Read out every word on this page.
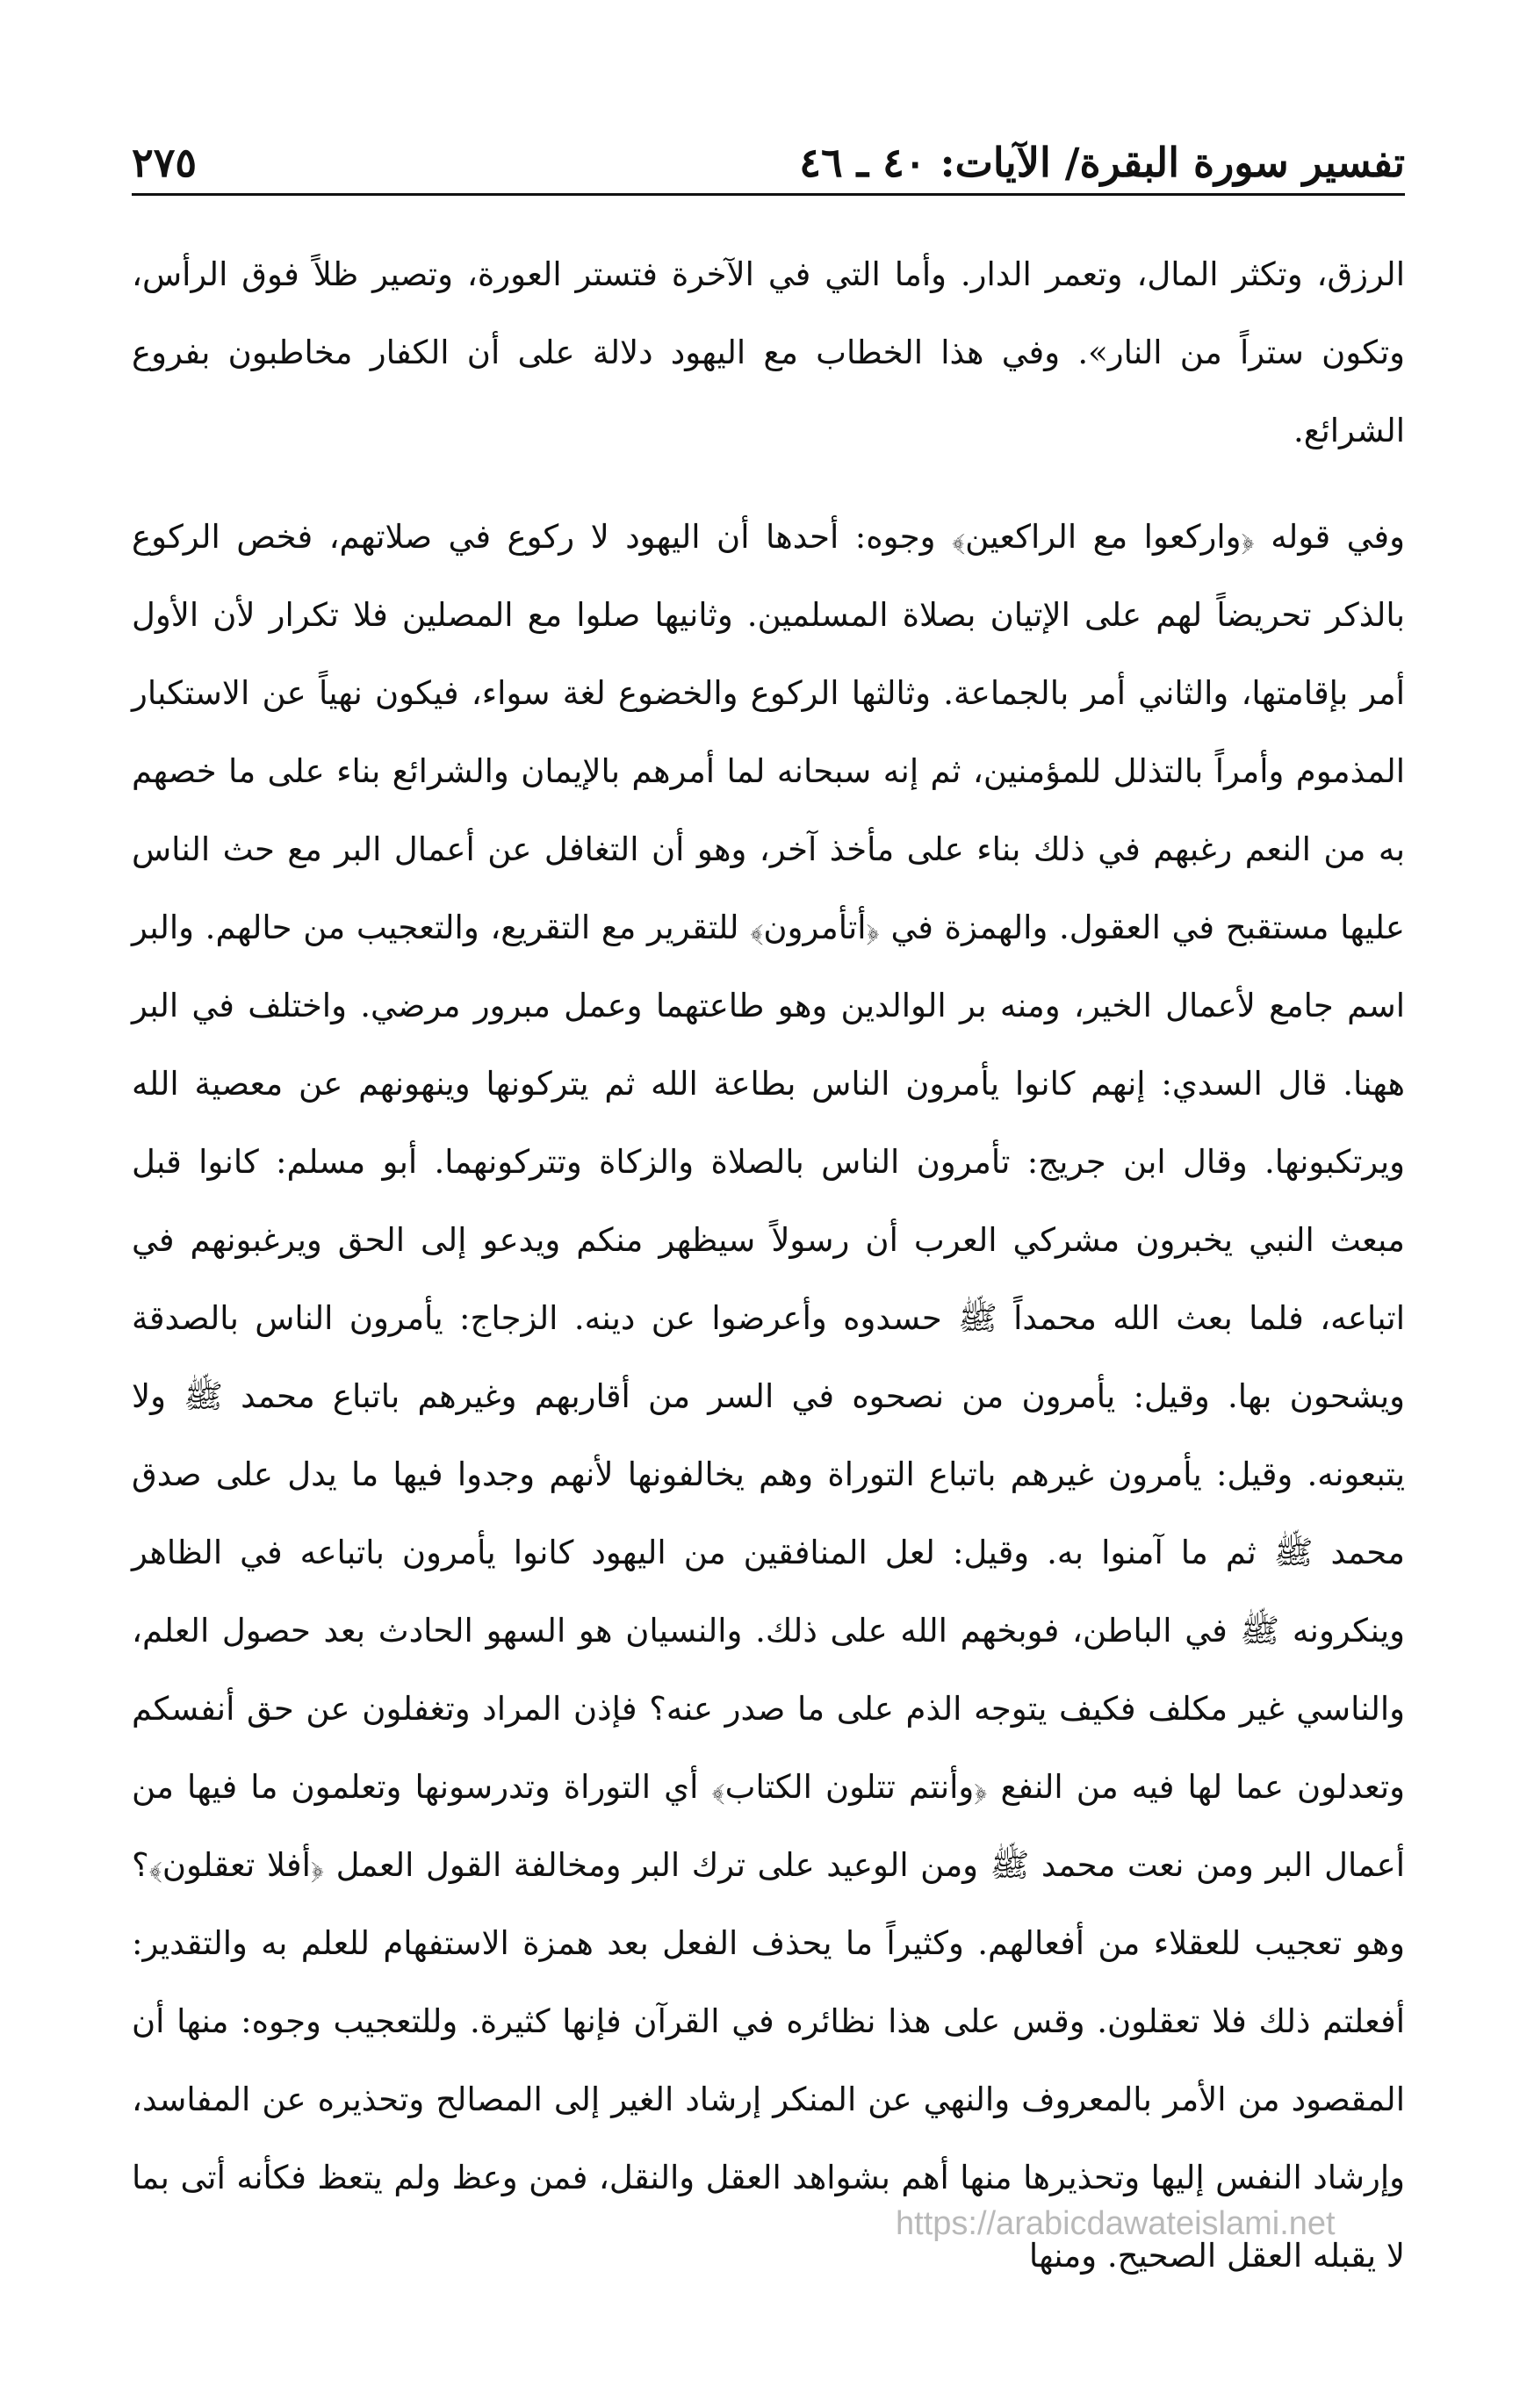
تفسير سورة البقرة/ الآيات: ٤٠ ـ ٤٦
٢٧٥

الرزق، وتكثر المال، وتعمر الدار. وأما التي في الآخرة فتستر العورة، وتصير ظلاً فوق الرأس، وتكون ستراً من النار». وفي هذا الخطاب مع اليهود دلالة على أن الكفار مخاطبون بفروع الشرائع.

وفي قوله ﴿واركعوا مع الراكعين﴾ وجوه: أحدها أن اليهود لا ركوع في صلاتهم، فخص الركوع بالذكر تحريضاً لهم على الإتيان بصلاة المسلمين. وثانيها صلوا مع المصلين فلا تكرار لأن الأول أمر بإقامتها، والثاني أمر بالجماعة. وثالثها الركوع والخضوع لغة سواء، فيكون نهياً عن الاستكبار المذموم وأمراً بالتذلل للمؤمنين، ثم إنه سبحانه لما أمرهم بالإيمان والشرائع بناء على ما خصهم به من النعم رغبهم في ذلك بناء على مأخذ آخر، وهو أن التغافل عن أعمال البر مع حث الناس عليها مستقبح في العقول. والهمزة في ﴿أتأمرون﴾ للتقرير مع التقريع، والتعجيب من حالهم. والبر اسم جامع لأعمال الخير، ومنه بر الوالدين وهو طاعتهما وعمل مبرور مرضي. واختلف في البر ههنا. قال السدي: إنهم كانوا يأمرون الناس بطاعة الله ثم يتركونها وينهونهم عن معصية الله ويرتكبونها. وقال ابن جريج: تأمرون الناس بالصلاة والزكاة وتتركونهما. أبو مسلم: كانوا قبل مبعث النبي يخبرون مشركي العرب أن رسولاً سيظهر منكم ويدعو إلى الحق ويرغبونهم في اتباعه، فلما بعث الله محمداً ﷺ حسدوه وأعرضوا عن دينه. الزجاج: يأمرون الناس بالصدقة ويشحون بها. وقيل: يأمرون من نصحوه في السر من أقاربهم وغيرهم باتباع محمد ﷺ ولا يتبعونه. وقيل: يأمرون غيرهم باتباع التوراة وهم يخالفونها لأنهم وجدوا فيها ما يدل على صدق محمد ﷺ ثم ما آمنوا به. وقيل: لعل المنافقين من اليهود كانوا يأمرون باتباعه في الظاهر وينكرونه ﷺ في الباطن، فوبخهم الله على ذلك. والنسيان هو السهو الحادث بعد حصول العلم، والناسي غير مكلف فكيف يتوجه الذم على ما صدر عنه؟ فإذن المراد وتغفلون عن حق أنفسكم وتعدلون عما لها فيه من النفع ﴿وأنتم تتلون الكتاب﴾ أي التوراة وتدرسونها وتعلمون ما فيها من أعمال البر ومن نعت محمد ﷺ ومن الوعيد على ترك البر ومخالفة القول العمل ﴿أفلا تعقلون﴾؟ وهو تعجيب للعقلاء من أفعالهم. وكثيراً ما يحذف الفعل بعد همزة الاستفهام للعلم به والتقدير: أفعلتم ذلك فلا تعقلون. وقس على هذا نظائره في القرآن فإنها كثيرة. وللتعجيب وجوه: منها أن المقصود من الأمر بالمعروف والنهي عن المنكر إرشاد الغير إلى المصالح وتحذيره عن المفاسد، وإرشاد النفس إليها وتحذيرها منها أهم بشواهد العقل والنقل، فمن وعظ ولم يتعظ فكأنه أتى بما لا يقبله العقل الصحيح. ومنها

https://arabicdawateislami.net
